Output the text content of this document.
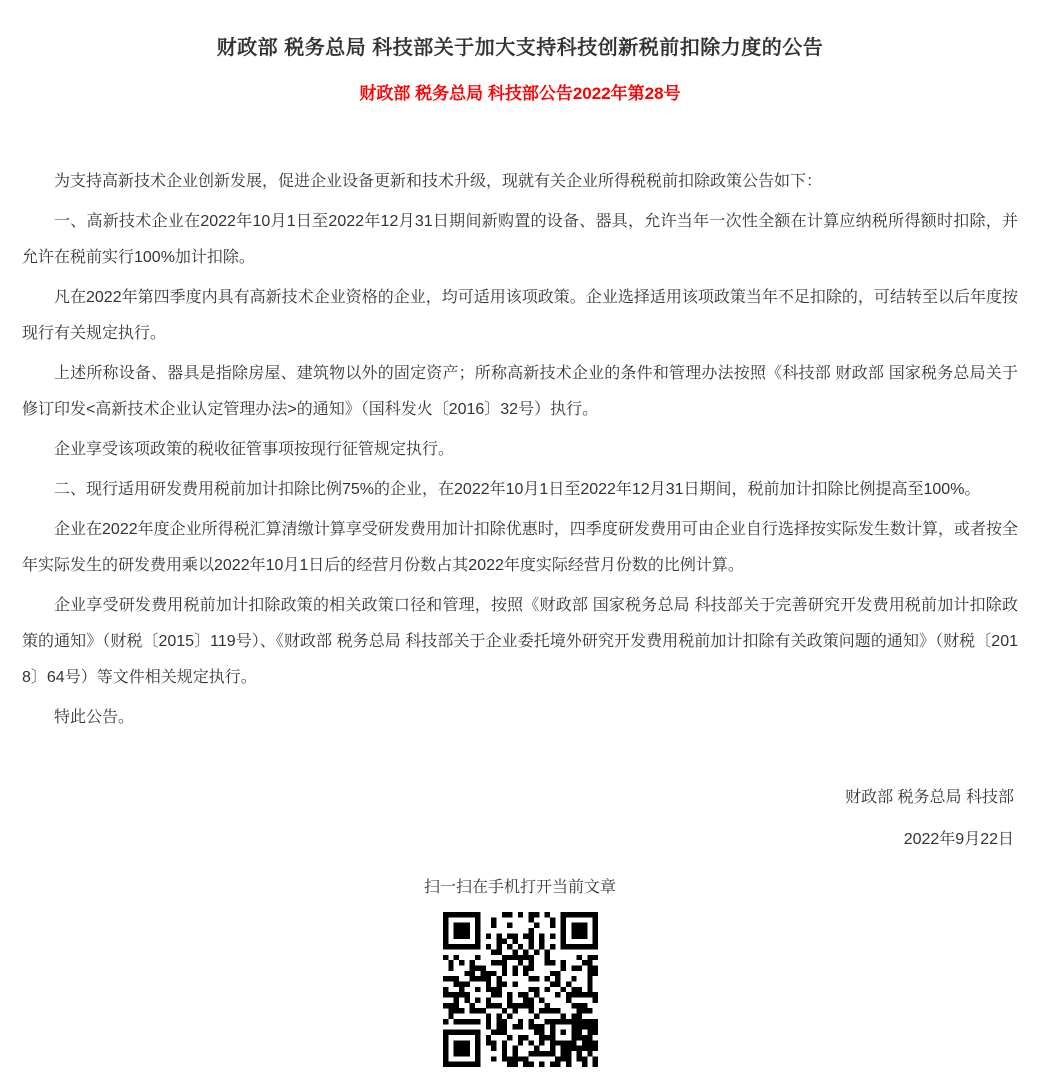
财政部 税务总局 科技部关于加大支持科技创新税前扣除力度的公告
财政部 税务总局 科技部公告2022年第28号

为支持高新技术企业创新发展，促进企业设备更新和技术升级，现就有关企业所得税税前扣除政策公告如下：

一、高新技术企业在2022年10月1日至2022年12月31日期间新购置的设备、器具，允许当年一次性全额在计算应纳税所得额时扣除，并允许在税前实行100%加计扣除。

凡在2022年第四季度内具有高新技术企业资格的企业，均可适用该项政策。企业选择适用该项政策当年不足扣除的，可结转至以后年度按现行有关规定执行。

上述所称设备、器具是指除房屋、建筑物以外的固定资产；所称高新技术企业的条件和管理办法按照《科技部 财政部 国家税务总局关于修订印发<高新技术企业认定管理办法>的通知》（国科发火〔2016〕32号）执行。

企业享受该项政策的税收征管事项按现行征管规定执行。

二、现行适用研发费用税前加计扣除比例75%的企业，在2022年10月1日至2022年12月31日期间，税前加计扣除比例提高至100%。

企业在2022年度企业所得税汇算清缴计算享受研发费用加计扣除优惠时，四季度研发费用可由企业自行选择按实际发生数计算，或者按全年实际发生的研发费用乘以2022年10月1日后的经营月份数占其2022年度实际经营月份数的比例计算。

企业享受研发费用税前加计扣除政策的相关政策口径和管理，按照《财政部 国家税务总局 科技部关于完善研究开发费用税前加计扣除政策的通知》（财税〔2015〕119号）、《财政部 税务总局 科技部关于企业委托境外研究开发费用税前加计扣除有关政策问题的通知》（财税〔2018〕64号）等文件相关规定执行。

特此公告。

财政部 税务总局 科技部
2022年9月22日
扫一扫在手机打开当前文章
